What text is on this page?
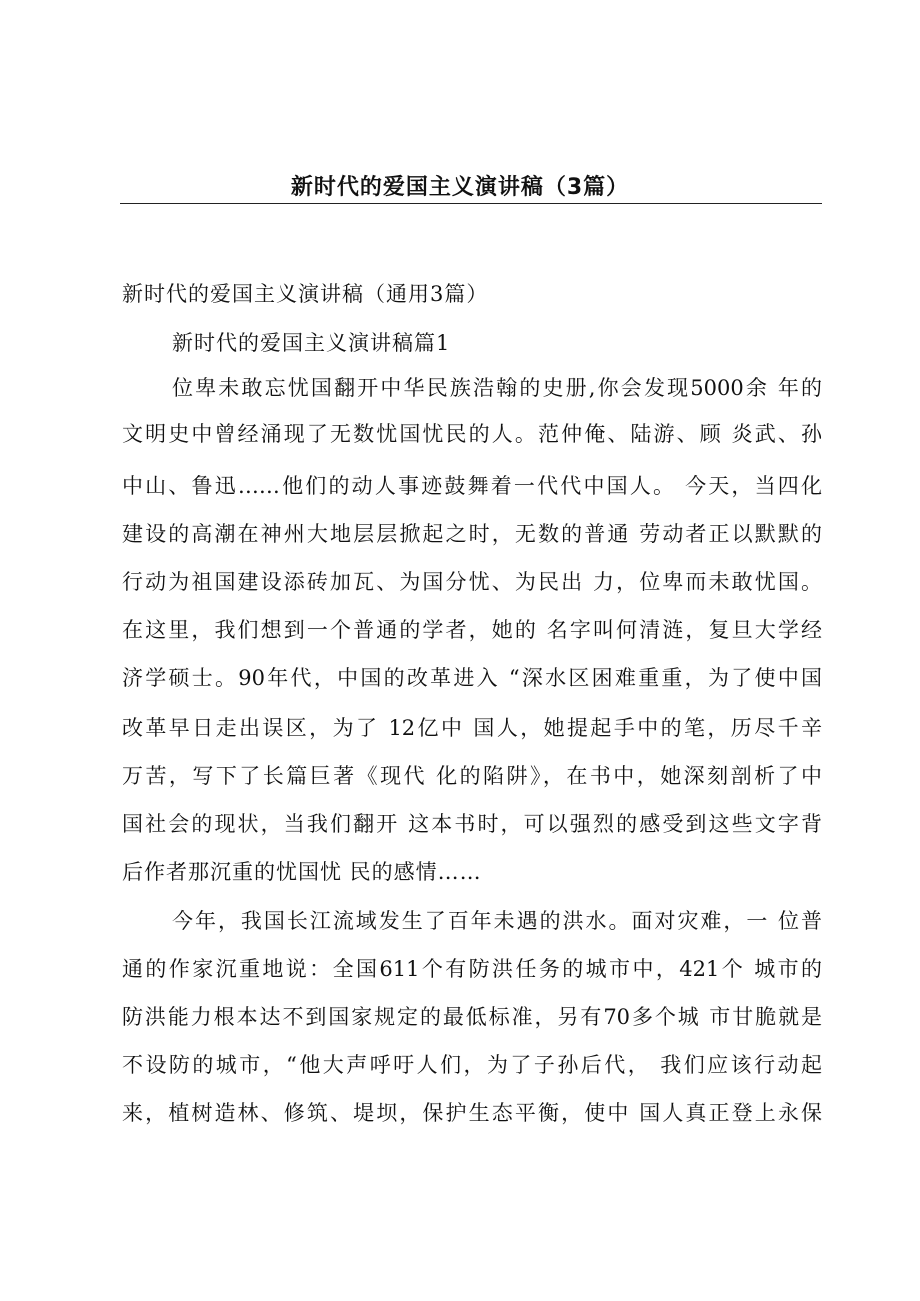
新时代的爱国主义演讲稿（3篇）
新时代的爱国主义演讲稿（通用3篇）
新时代的爱国主义演讲稿篇1
位卑未敢忘忧国翻开中华民族浩翰的史册,你会发现5000余 年的
文明史中曾经涌现了无数忧国忧民的人。范仲俺、陆游、顾 炎武、孙
中山、鲁迅……他们的动人事迹鼓舞着一代代中国人。 今天，当四化
建设的高潮在神州大地层层掀起之时，无数的普通 劳动者正以默默的
行动为祖国建设添砖加瓦、为国分忧、为民出 力，位卑而未敢忧国。
在这里，我们想到一个普通的学者，她的 名字叫何清涟，复旦大学经
济学硕士。90年代，中国的改革进入 “深水区困难重重，为了使中国
改革早日走出误区，为了 12亿中 国人，她提起手中的笔，历尽千辛
万苦，写下了长篇巨著《现代 化的陷阱》，在书中，她深刻剖析了中
国社会的现状，当我们翻开 这本书时，可以强烈的感受到这些文字背
后作者那沉重的忧国忧 民的感情……
今年，我国长江流域发生了百年未遇的洪水。面对灾难，一 位普
通的作家沉重地说：全国611个有防洪任务的城市中，421个 城市的
防洪能力根本达不到国家规定的最低标准，另有70多个城 市甘脆就是
不设防的城市，“他大声呼吁人们，为了子孙后代， 我们应该行动起
来，植树造林、修筑、堤坝，保护生态平衡，使中 国人真正登上永保
